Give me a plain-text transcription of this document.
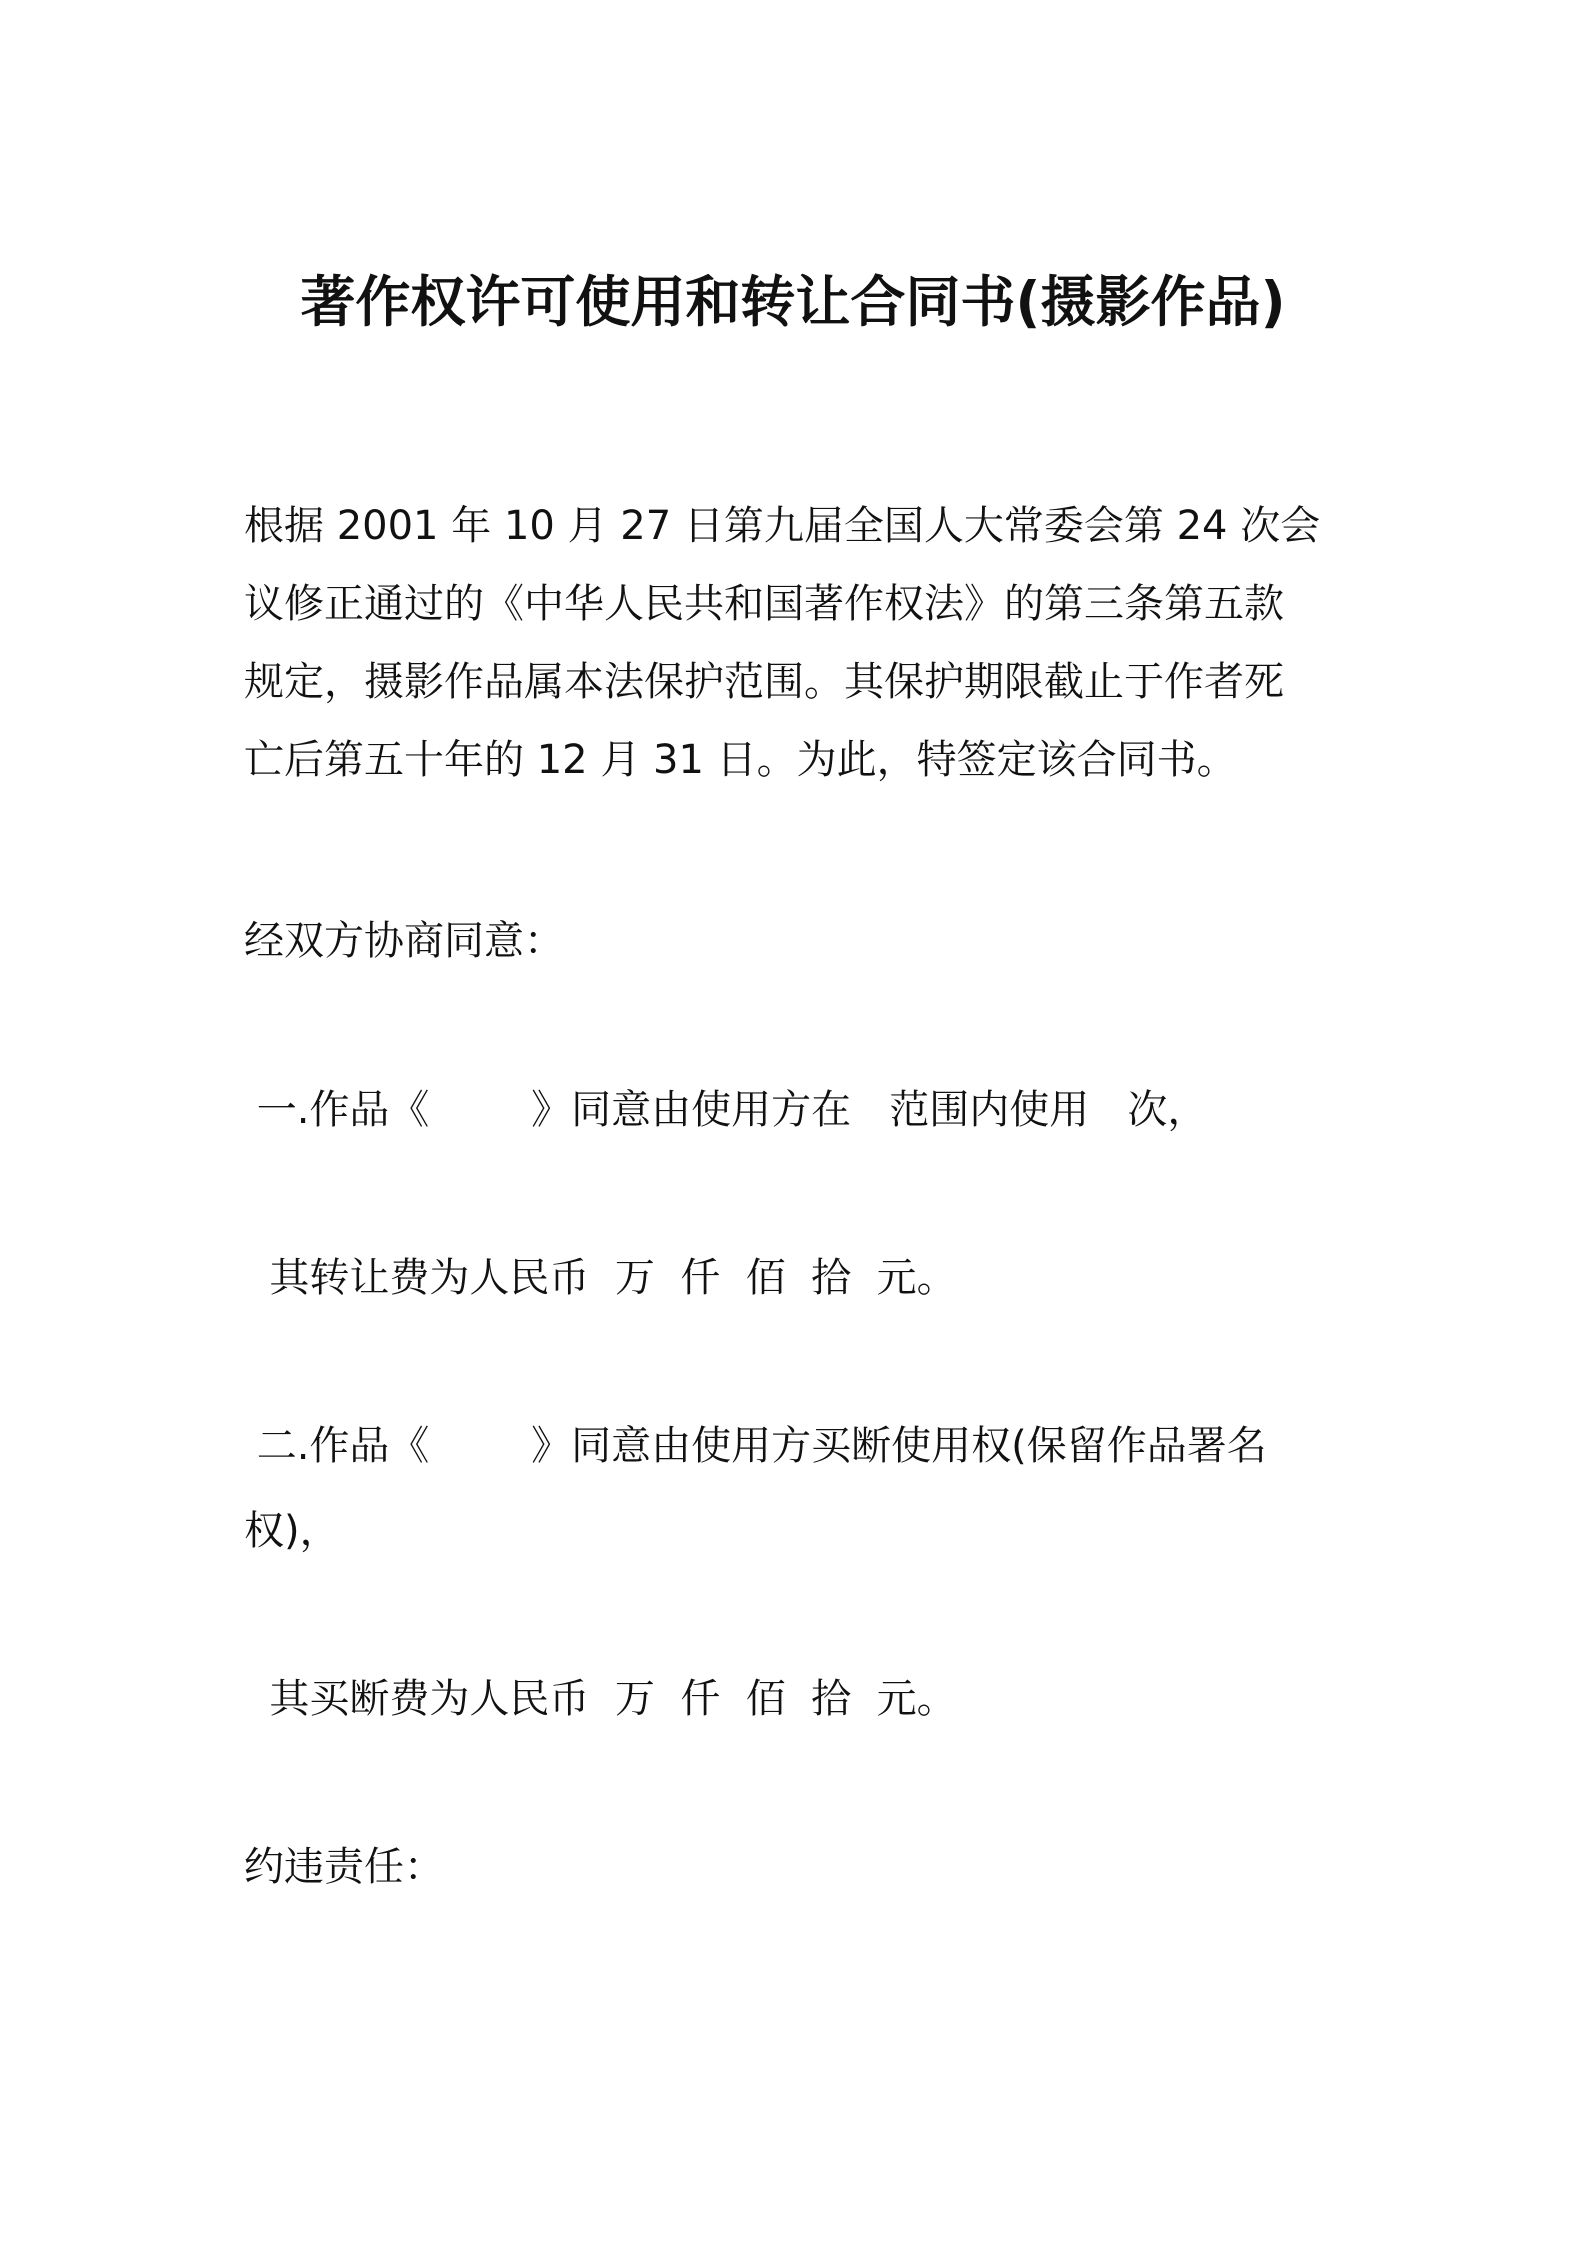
著作权许可使用和转让合同书(摄影作品)
根据 2001 年 10 月 27 日第九届全国人大常委会第 24 次会
议修正通过的《中华人民共和国著作权法》的第三条第五款
规定，摄影作品属本法保护范围。其保护期限截止于作者死
亡后第五十年的 12 月 31 日。为此，特签定该合同书。
经双方协商同意：
一.作品《        》同意由使用方在   范围内使用   次，
其转让费为人民币  万  仟  佰  拾  元。
二.作品《        》同意由使用方买断使用权(保留作品署名
权)，
其买断费为人民币  万  仟  佰  拾  元。
约违责任：
